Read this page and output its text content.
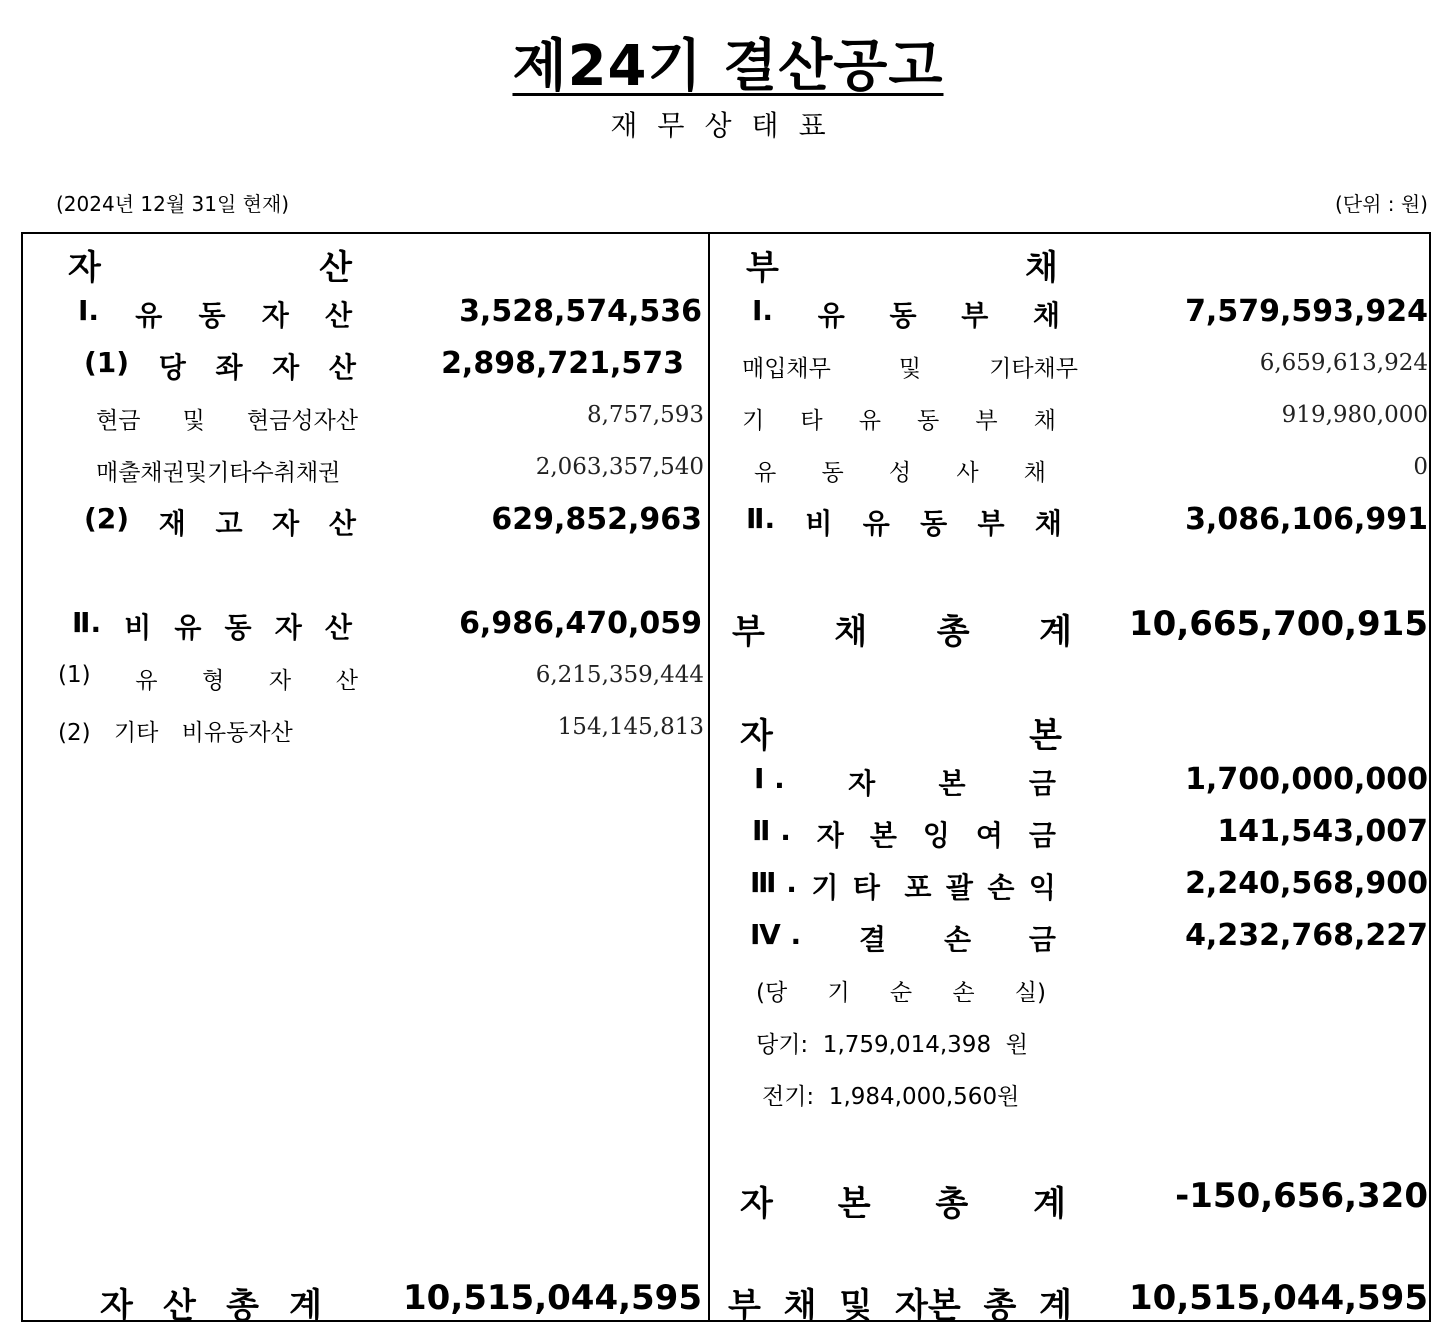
제24기 결산공고
재무상태표
(2024년 12월 31일 현재)	(단위 : 원)
자	산
Ⅰ. 유 동 자 산	3,528,574,536
(1) 당 좌 자 산	2,898,721,573
현금 및 현금성자산	8,757,593
매출채권및기타수취채권	2,063,357,540
(2) 재 고 자 산	629,852,963
Ⅱ. 비 유 동 자 산	6,986,470,059
(1) 유 형 자 산	6,215,359,444
(2) 기타 비유동자산	154,145,813
자 산 총 계 10,515,044,595
부	채
Ⅰ. 유 동 부 채	7,579,593,924
매입채무	및	기타채무	6,659,613,924
기 타 유 동 부 채	919,980,000
유 동 성 사 채	0
Ⅱ. 비 유 동 부 채	3,086,106,991
부 채 총 계 10,665,700,915
자	본
Ⅰ . 자 본 금	1,700,000,000
Ⅱ . 자 본 잉 여 금	141,543,007
Ⅲ . 기 타 포 괄 손 익	2,240,568,900
Ⅳ . 결 손 금	4,232,768,227
(당 기 순 손 실)
당기:  1,759,014,398  원
전기:  1,984,000,560원
자 본 총 계	-150,656,320
부 채 및 자본 총 계 10,515,044,595
